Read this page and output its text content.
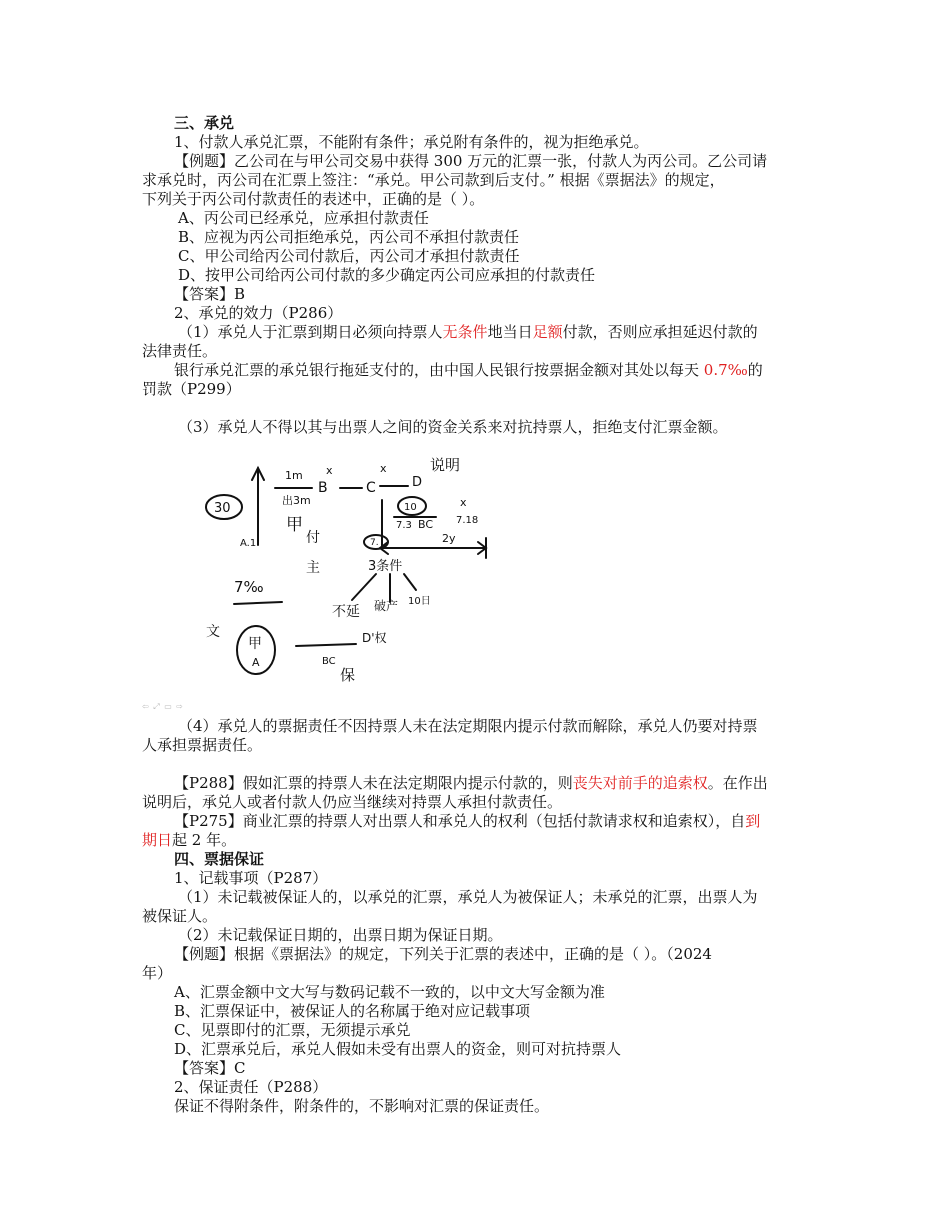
三、承兑
1、付款人承兑汇票，不能附有条件；承兑附有条件的，视为拒绝承兑。
【例题】乙公司在与甲公司交易中获得 300 万元的汇票一张，付款人为丙公司。乙公司请
求承兑时，丙公司在汇票上签注：“承兑。甲公司款到后支付。” 根据《票据法》的规定，
下列关于丙公司付款责任的表述中，正确的是（ ）。
A、丙公司已经承兑，应承担付款责任
B、应视为丙公司拒绝承兑，丙公司不承担付款责任
C、甲公司给丙公司付款后，丙公司才承担付款责任
D、按甲公司给丙公司付款的多少确定丙公司应承担的付款责任
【答案】B
2、承兑的效力（P286）
（1）承兑人于汇票到期日必须向持票人无条件地当日足额付款，否则应承担延迟付款的
法律责任。
银行承兑汇票的承兑银行拖延支付的，由中国人民银行按票据金额对其处以每天 0.7‰的
罚款（P299）
（3）承兑人不得以其与出票人之间的资金关系来对抗持票人，拒绝支付汇票金额。
30
A.1
1m
出3m
B
x
C
x
D
说明
甲
付
主
10
7.3 BC
x
7.18
2y
7.
3条件
不延 破产 10日
7‰
文
甲
A	BC
保
D'权
⇦ ⤢ ▭ ⇨
（4）承兑人的票据责任不因持票人未在法定期限内提示付款而解除，承兑人仍要对持票
人承担票据责任。
【P288】假如汇票的持票人未在法定期限内提示付款的，则丧失对前手的追索权。在作出
说明后，承兑人或者付款人仍应当继续对持票人承担付款责任。
【P275】商业汇票的持票人对出票人和承兑人的权利（包括付款请求权和追索权），自到
期日起 2 年。
四、票据保证
1、记载事项（P287）
（1）未记载被保证人的，以承兑的汇票，承兑人为被保证人；未承兑的汇票，出票人为
被保证人。
（2）未记载保证日期的，出票日期为保证日期。
【例题】根据《票据法》的规定，下列关于汇票的表述中，正确的是（ ）。（2024
年）
A、汇票金额中文大写与数码记载不一致的，以中文大写金额为准
B、汇票保证中，被保证人的名称属于绝对应记载事项
C、见票即付的汇票，无须提示承兑
D、汇票承兑后，承兑人假如未受有出票人的资金，则可对抗持票人
【答案】C
2、保证责任（P288）
保证不得附条件，附条件的，不影响对汇票的保证责任。
